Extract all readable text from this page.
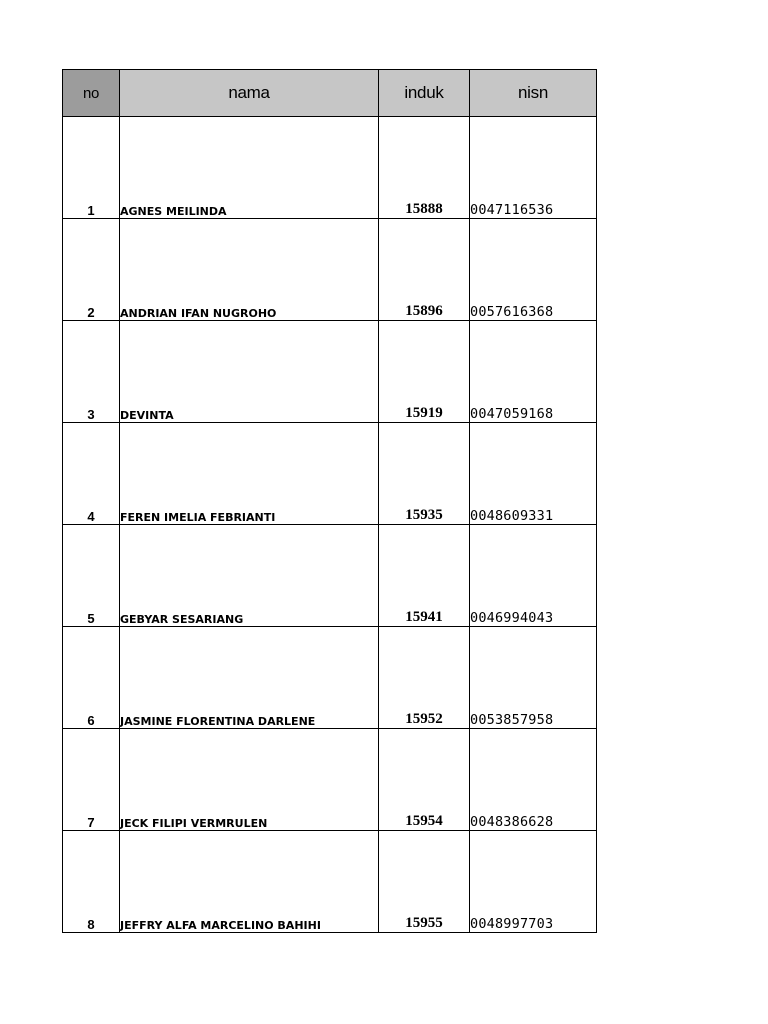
no	nama	induk	nisn
1	AGNES MEILINDA	15888	0047116536
2	ANDRIAN IFAN NUGROHO	15896	0057616368
3	DEVINTA	15919	0047059168
4	FEREN IMELIA FEBRIANTI	15935	0048609331
5	GEBYAR SESARIANG	15941	0046994043
6	JASMINE FLORENTINA DARLENE	15952	0053857958
7	JECK FILIPI VERMRULEN	15954	0048386628
8	JEFFRY ALFA MARCELINO BAHIHI	15955	0048997703
